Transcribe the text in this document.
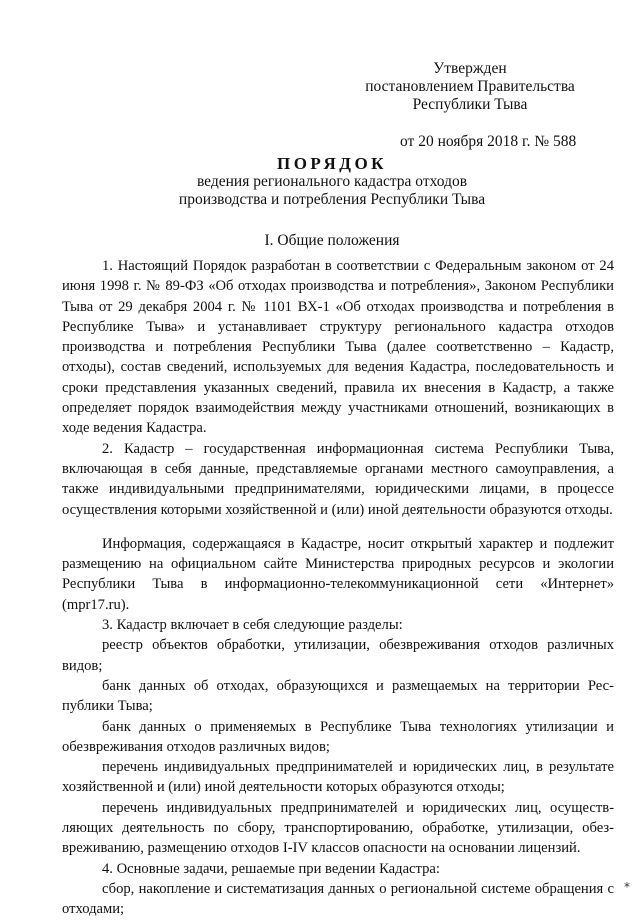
Утвержден
постановлением Правительства
Республики Тыва
от 20 ноября 2018 г. № 588
ПОРЯДОК
ведения регионального кадастра отходов
производства и потребления Республики Тыва
I. Общие положения

1. Настоящий Порядок разработан в соответствии с Федеральным законом от 24 июня 1998 г. № 89-ФЗ «Об отходах производства и потребления», Законом Республики Тыва от 29 декабря 2004 г. № 1101 ВХ-1 «Об отходах производства и потребления в Республике Тыва» и устанавливает структуру регионального кадастра отходов производства и потребления Республики Тыва (далее соответственно – Кадастр, отходы), состав сведений, используемых для ведения Кадастра, последовательность и сроки представления указанных сведений, правила их внесения в Кадастр, а также определяет порядок взаимодействия между участниками отношений, возникающих в ходе ведения Кадастра.

2. Кадастр – государственная информационная система Республики Тыва, включающая в себя данные, представляемые органами местного самоуправления, а также индивидуальными предпринимателями, юридическими лицами, в процессе осуществления которыми хозяйственной и (или) иной деятельности образуются отходы.

Информация, содержащаяся в Кадастре, носит открытый характер и подлежит размещению на официальном сайте Министерства природных ресурсов и экологии Республики Тыва в информационно-телекоммуникационной сети «Интернет» (mpr17.ru).

3. Кадастр включает в себя следующие разделы:

реестр объектов обработки, утилизации, обезвреживания отходов различных видов;

банк данных об отходах, образующихся и размещаемых на территории Республики Тыва;

банк данных о применяемых в Республике Тыва технологиях утилизации и обезвреживания отходов различных видов;

перечень индивидуальных предпринимателей и юридических лиц, в результате хозяйственной и (или) иной деятельности которых образуются отходы;

перечень индивидуальных предпринимателей и юридических лиц, осуществляющих деятельность по сбору, транспортированию, обработке, утилизации, обезвреживанию, размещению отходов I-IV классов опасности на основании лицензий.

4. Основные задачи, решаемые при ведении Кадастра:

сбор, накопление и систематизация данных о региональной системе обращения с отходами;

*
